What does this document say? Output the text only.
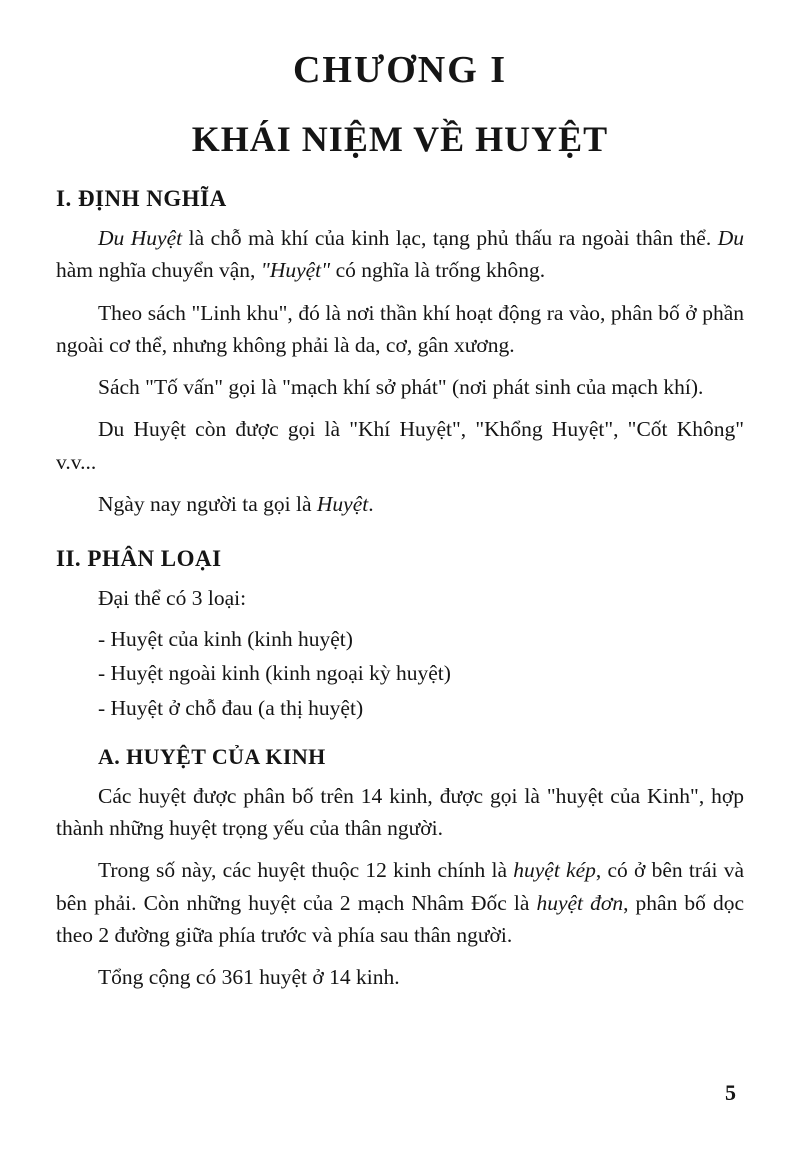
CHƯƠNG I
KHÁI NIỆM VỀ HUYỆT
I. ĐỊNH NGHĨA

Du Huyệt là chỗ mà khí của kinh lạc, tạng phủ thấu ra ngoài thân thể. Du hàm nghĩa chuyển vận, "Huyệt" có nghĩa là trống không.

Theo sách "Linh khu", đó là nơi thần khí hoạt động ra vào, phân bố ở phần ngoài cơ thể, nhưng không phải là da, cơ, gân xương.

Sách "Tố vấn" gọi là "mạch khí sở phát" (nơi phát sinh của mạch khí).

Du Huyệt còn được gọi là "Khí Huyệt", "Khổng Huyệt", "Cốt Không" v.v...

Ngày nay người ta gọi là Huyệt.

II. PHÂN LOẠI

Đại thể có 3 loại:

- Huyệt của kinh (kinh huyệt)
- Huyệt ngoài kinh (kinh ngoại kỳ huyệt)
- Huyệt ở chỗ đau (a thị huyệt)
A. HUYỆT CỦA KINH

Các huyệt được phân bố trên 14 kinh, được gọi là "huyệt của Kinh", hợp thành những huyệt trọng yếu của thân người.

Trong số này, các huyệt thuộc 12 kinh chính là huyệt kép, có ở bên trái và bên phải. Còn những huyệt của 2 mạch Nhâm Đốc là huyệt đơn, phân bố dọc theo 2 đường giữa phía trước và phía sau thân người.

Tổng cộng có 361 huyệt ở 14 kinh.

5
